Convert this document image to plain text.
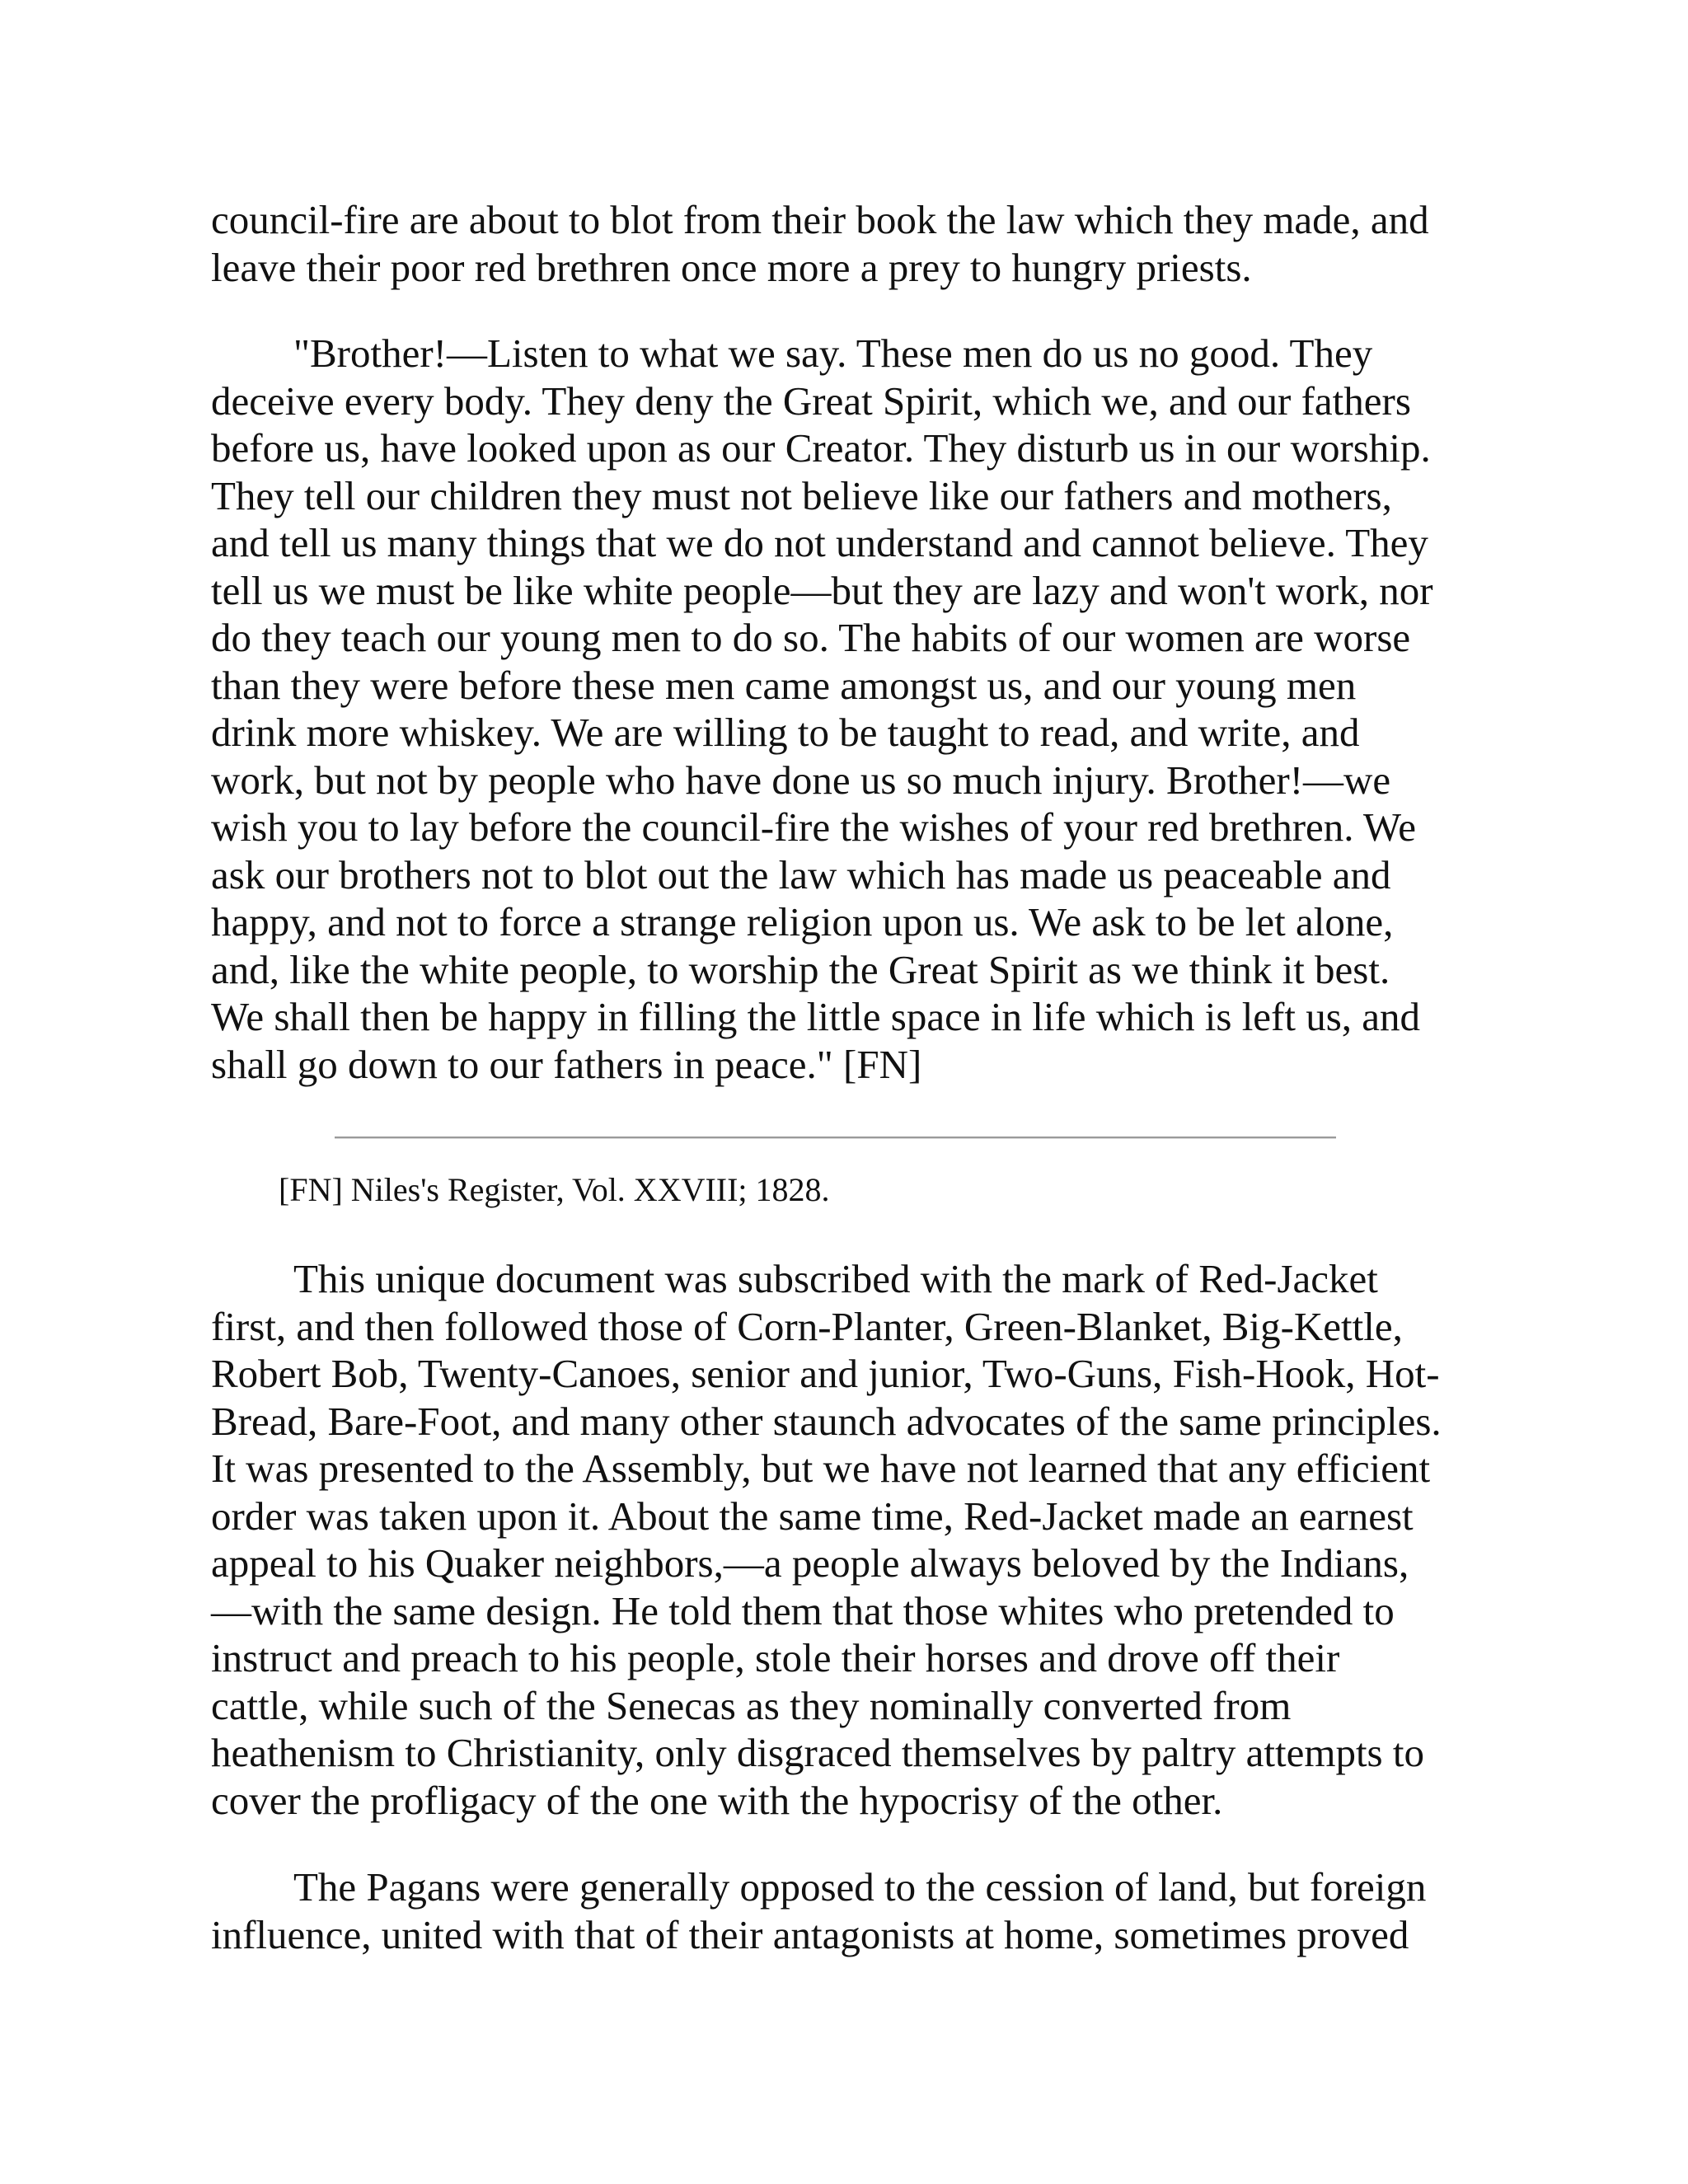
council-fire are about to blot from their book the law which they made, and
leave their poor red brethren once more a prey to hungry priests.
"Brother!—Listen to what we say. These men do us no good. They
deceive every body. They deny the Great Spirit, which we, and our fathers
before us, have looked upon as our Creator. They disturb us in our worship.
They tell our children they must not believe like our fathers and mothers,
and tell us many things that we do not understand and cannot believe. They
tell us we must be like white people—but they are lazy and won't work, nor
do they teach our young men to do so. The habits of our women are worse
than they were before these men came amongst us, and our young men
drink more whiskey. We are willing to be taught to read, and write, and
work, but not by people who have done us so much injury. Brother!—we
wish you to lay before the council-fire the wishes of your red brethren. We
ask our brothers not to blot out the law which has made us peaceable and
happy, and not to force a strange religion upon us. We ask to be let alone,
and, like the white people, to worship the Great Spirit as we think it best.
We shall then be happy in filling the little space in life which is left us, and
shall go down to our fathers in peace." [FN]

[FN] Niles's Register, Vol. XXVIII; 1828.

This unique document was subscribed with the mark of Red-Jacket
first, and then followed those of Corn-Planter, Green-Blanket, Big-Kettle,
Robert Bob, Twenty-Canoes, senior and junior, Two-Guns, Fish-Hook, Hot-
Bread, Bare-Foot, and many other staunch advocates of the same principles.
It was presented to the Assembly, but we have not learned that any efficient
order was taken upon it. About the same time, Red-Jacket made an earnest
appeal to his Quaker neighbors,—a people always beloved by the Indians,
—with the same design. He told them that those whites who pretended to
instruct and preach to his people, stole their horses and drove off their
cattle, while such of the Senecas as they nominally converted from
heathenism to Christianity, only disgraced themselves by paltry attempts to
cover the profligacy of the one with the hypocrisy of the other.
The Pagans were generally opposed to the cession of land, but foreign
influence, united with that of their antagonists at home, sometimes proved
